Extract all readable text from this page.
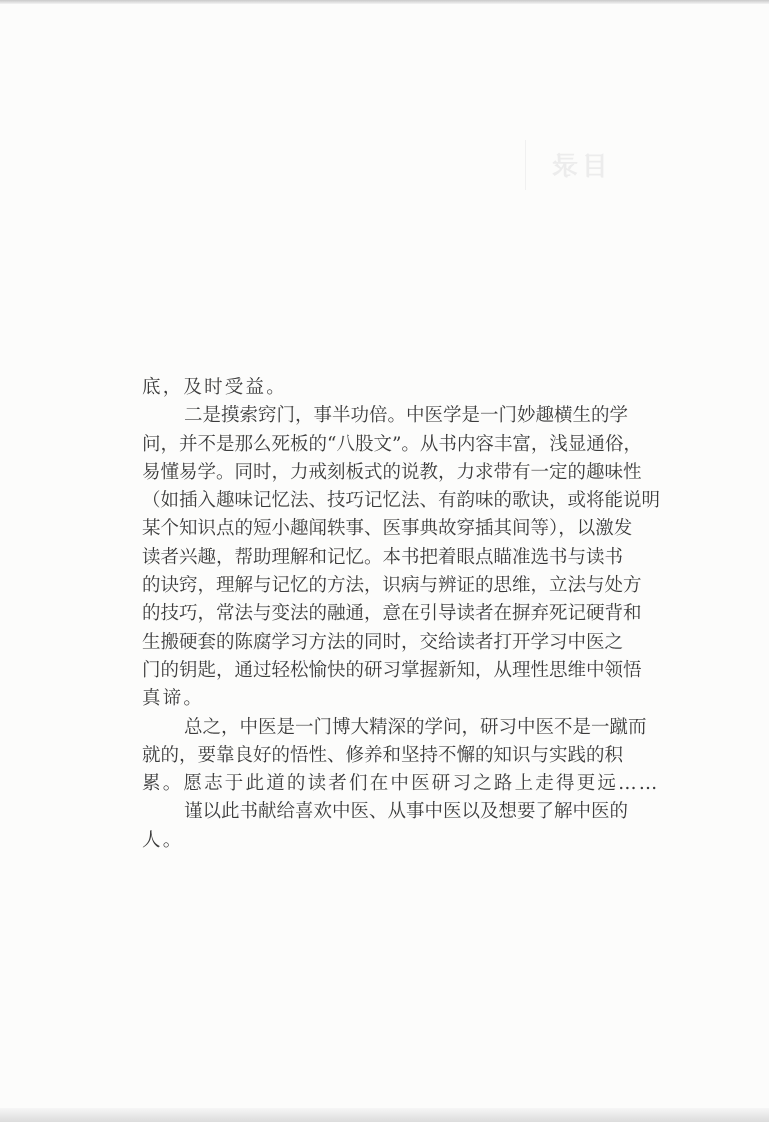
目录
底，及时受益。
二是摸索窍门，事半功倍。中医学是一门妙趣横生的学
问，并不是那么死板的“八股文”。从书内容丰富，浅显通俗，
易懂易学。同时，力戒刻板式的说教，力求带有一定的趣味性
（如插入趣味记忆法、技巧记忆法、有韵味的歌诀，或将能说明
某个知识点的短小趣闻轶事、医事典故穿插其间等），以激发
读者兴趣，帮助理解和记忆。本书把着眼点瞄准选书与读书
的诀窍，理解与记忆的方法，识病与辨证的思维，立法与处方
的技巧，常法与变法的融通，意在引导读者在摒弃死记硬背和
生搬硬套的陈腐学习方法的同时，交给读者打开学习中医之
门的钥匙，通过轻松愉快的研习掌握新知，从理性思维中领悟
真谛。
总之，中医是一门博大精深的学问，研习中医不是一蹴而
就的，要靠良好的悟性、修养和坚持不懈的知识与实践的积
累。愿志于此道的读者们在中医研习之路上走得更远……
谨以此书献给喜欢中医、从事中医以及想要了解中医的
人。
